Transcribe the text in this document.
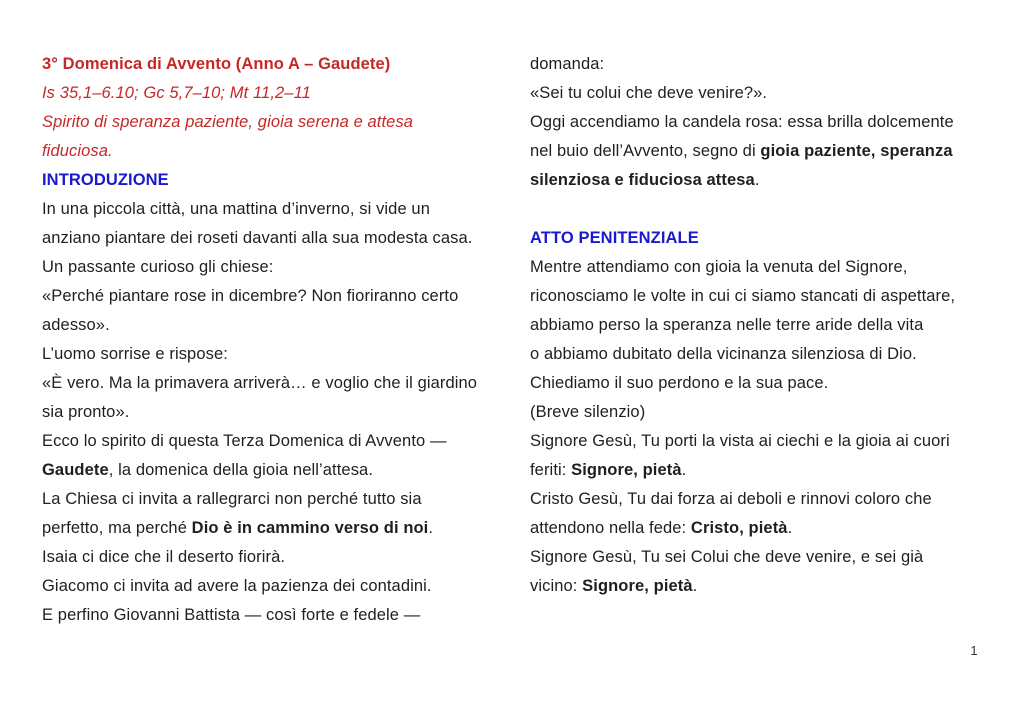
3° Domenica di Avvento (Anno A – Gaudete)
Is 35,1–6.10; Gc 5,7–10; Mt 11,2–11
Spirito di speranza paziente, gioia serena e attesa
fiduciosa.
INTRODUZIONE
In una piccola città, una mattina d’inverno, si vide un
anziano piantare dei roseti davanti alla sua modesta casa.
Un passante curioso gli chiese:
«Perché piantare rose in dicembre? Non fioriranno certo
adesso».
L’uomo sorrise e rispose:
«È vero. Ma la primavera arriverà… e voglio che il giardino
sia pronto».
Ecco lo spirito di questa Terza Domenica di Avvento —
Gaudete, la domenica della gioia nell’attesa.
La Chiesa ci invita a rallegrarci non perché tutto sia
perfetto, ma perché Dio è in cammino verso di noi.
Isaia ci dice che il deserto fiorirà.
Giacomo ci invita ad avere la pazienza dei contadini.
E perfino Giovanni Battista — così forte e fedele —
domanda:
«Sei tu colui che deve venire?».
Oggi accendiamo la candela rosa: essa brilla dolcemente
nel buio dell’Avvento, segno di gioia paziente, speranza
silenziosa e fiduciosa attesa.
ATTO PENITENZIALE
Mentre attendiamo con gioia la venuta del Signore,
riconosciamo le volte in cui ci siamo stancati di aspettare,
abbiamo perso la speranza nelle terre aride della vita
o abbiamo dubitato della vicinanza silenziosa di Dio.
Chiediamo il suo perdono e la sua pace.
(Breve silenzio)
Signore Gesù, Tu porti la vista ai ciechi e la gioia ai cuori
feriti: Signore, pietà.
Cristo Gesù, Tu dai forza ai deboli e rinnovi coloro che
attendono nella fede: Cristo, pietà.
Signore Gesù, Tu sei Colui che deve venire, e sei già
vicino: Signore, pietà.
1
